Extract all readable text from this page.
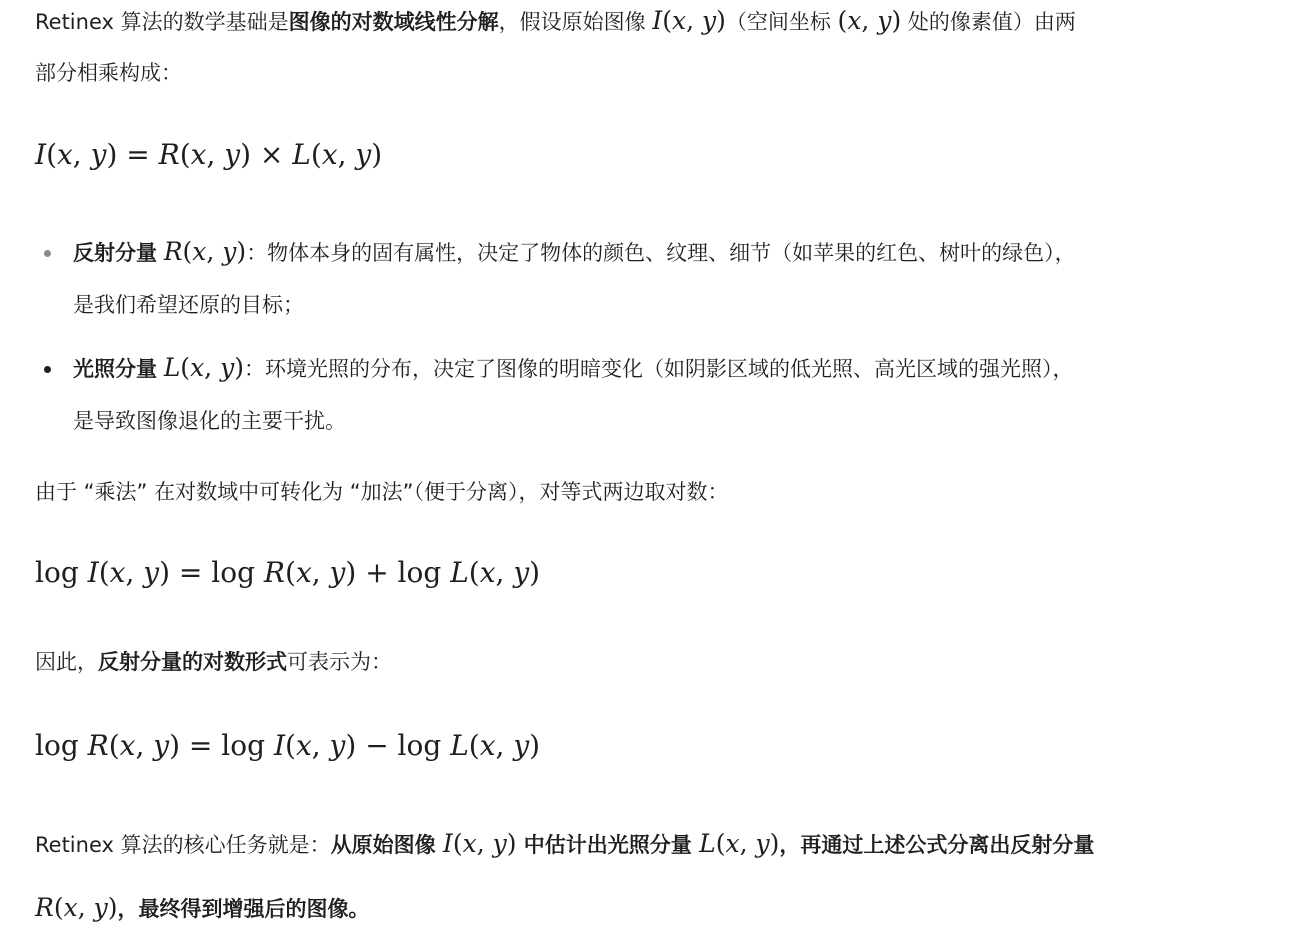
Retinex 算法的数学基础是图像的对数域线性分解，假设原始图像 I(x, y)（空间坐标 (x, y) 处的像素值）由两
部分相乘构成：
I(x, y) = R(x, y) × L(x, y)
反射分量 R(x, y)：物体本身的固有属性，决定了物体的颜色、纹理、细节（如苹果的红色、树叶的绿色），
是我们希望还原的目标；
光照分量 L(x, y)：环境光照的分布，决定了图像的明暗变化（如阴影区域的低光照、高光区域的强光照），
是导致图像退化的主要干扰。
由于 “乘法” 在对数域中可转化为 “加法”（便于分离），对等式两边取对数：
log I(x, y) = log R(x, y) + log L(x, y)
因此，反射分量的对数形式可表示为：
log R(x, y) = log I(x, y) − log L(x, y)
Retinex 算法的核心任务就是：从原始图像 I(x, y) 中估计出光照分量 L(x, y)，再通过上述公式分离出反射分量
R(x, y)，最终得到增强后的图像。
